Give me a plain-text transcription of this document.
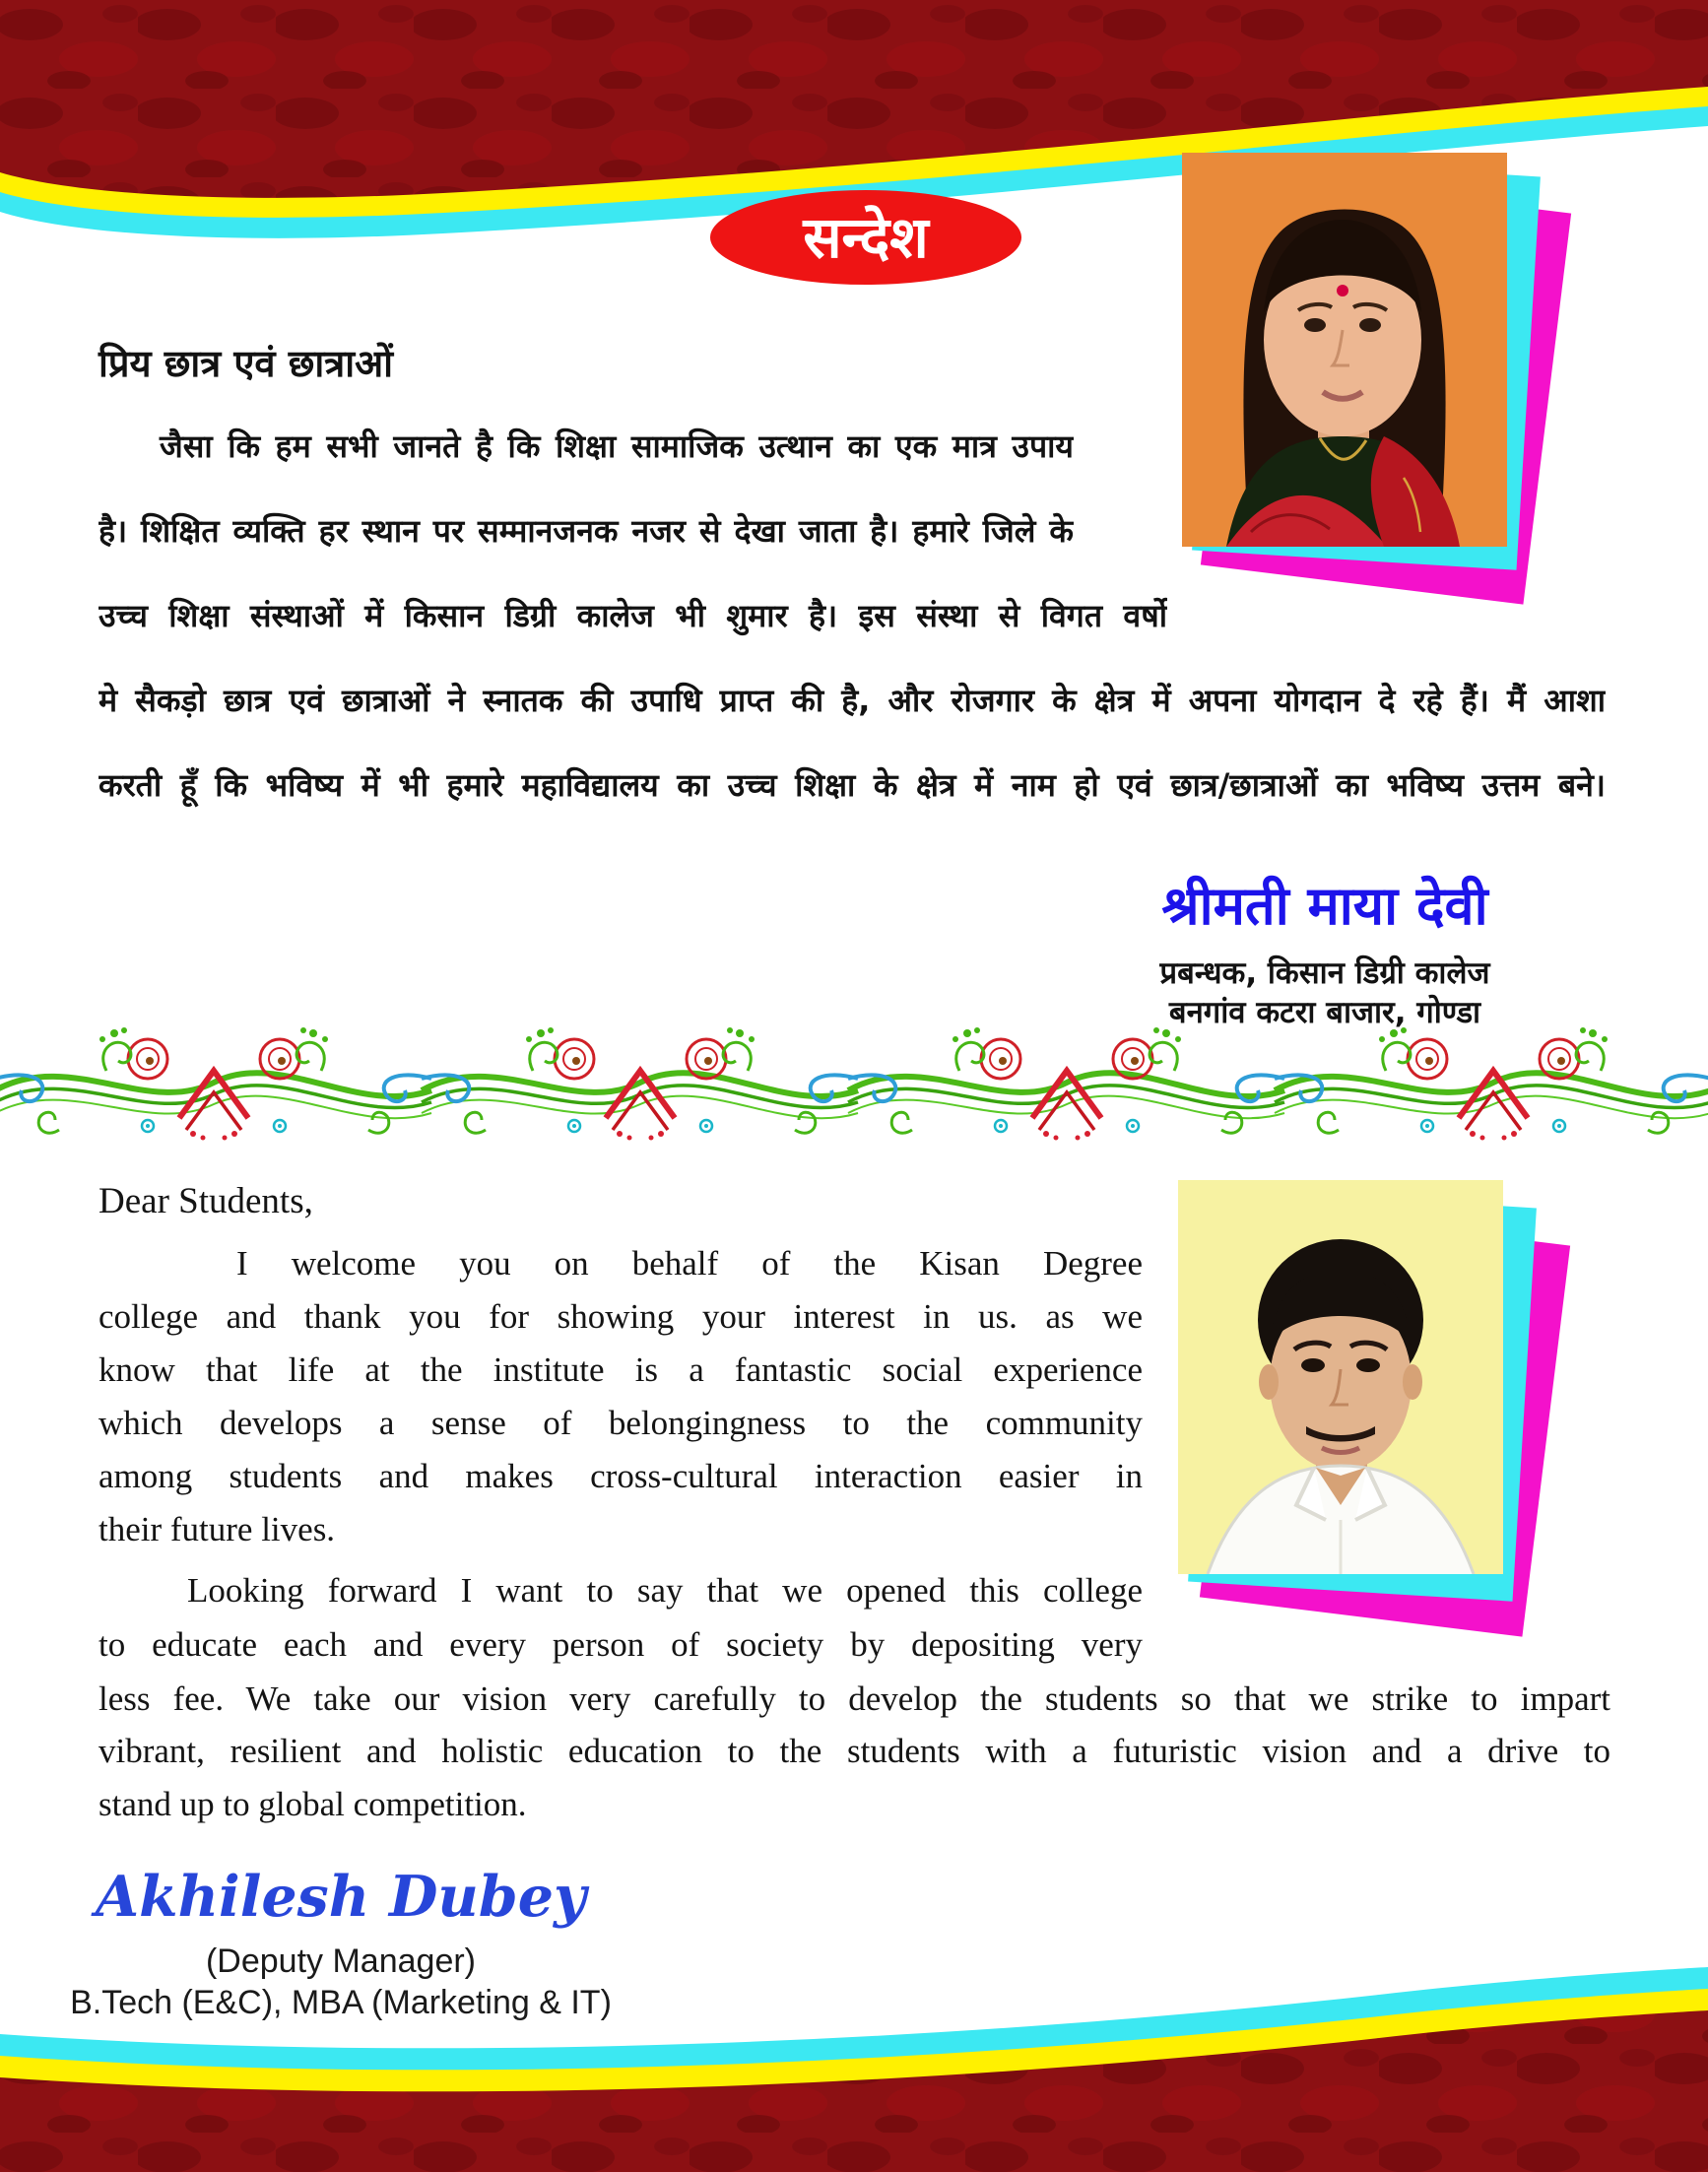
सन्देश
प्रिय छात्र एवं छात्राओं
जैसा कि हम सभी जानते है कि शिक्षा सामाजिक उत्थान का एक मात्र उपाय
है। शिक्षित व्यक्ति हर स्थान पर सम्मानजनक नजर से देखा जाता है। हमारे जिले के
उच्च शिक्षा संस्थाओं में किसान डिग्री कालेज भी शुमार है। इस संस्था से विगत वर्षो
मे सैकड़ो छात्र एवं छात्राओं ने स्नातक की उपाधि प्राप्त की है, और रोजगार के क्षेत्र में अपना योगदान दे रहे हैं। मैं आशा
करती हूँ कि भविष्य में भी हमारे महाविद्यालय का उच्च शिक्षा के क्षेत्र में नाम हो एवं छात्र/छात्राओं का भविष्य उत्तम बने।
श्रीमती माया देवी
प्रबन्धक, किसान डिग्री कालेज
बनगांव कटरा बाजार, गोण्डा
Dear Students,
I welcome you on behalf of the Kisan Degree
college and thank you for showing your interest in us. as we
know that life at the institute is a fantastic social experience
which develops a sense of belongingness to the community
among students and makes cross-cultural interaction easier in
their future lives.
Looking forward I want to say that we opened this college
to educate each and every person of society by depositing very
less fee. We take our vision very carefully to develop the students so that we strike to impart
vibrant, resilient and holistic education to the students with a futuristic vision and a drive to
stand up to global competition.
Akhilesh Dubey
(Deputy Manager)
B.Tech (E&C), MBA (Marketing & IT)
